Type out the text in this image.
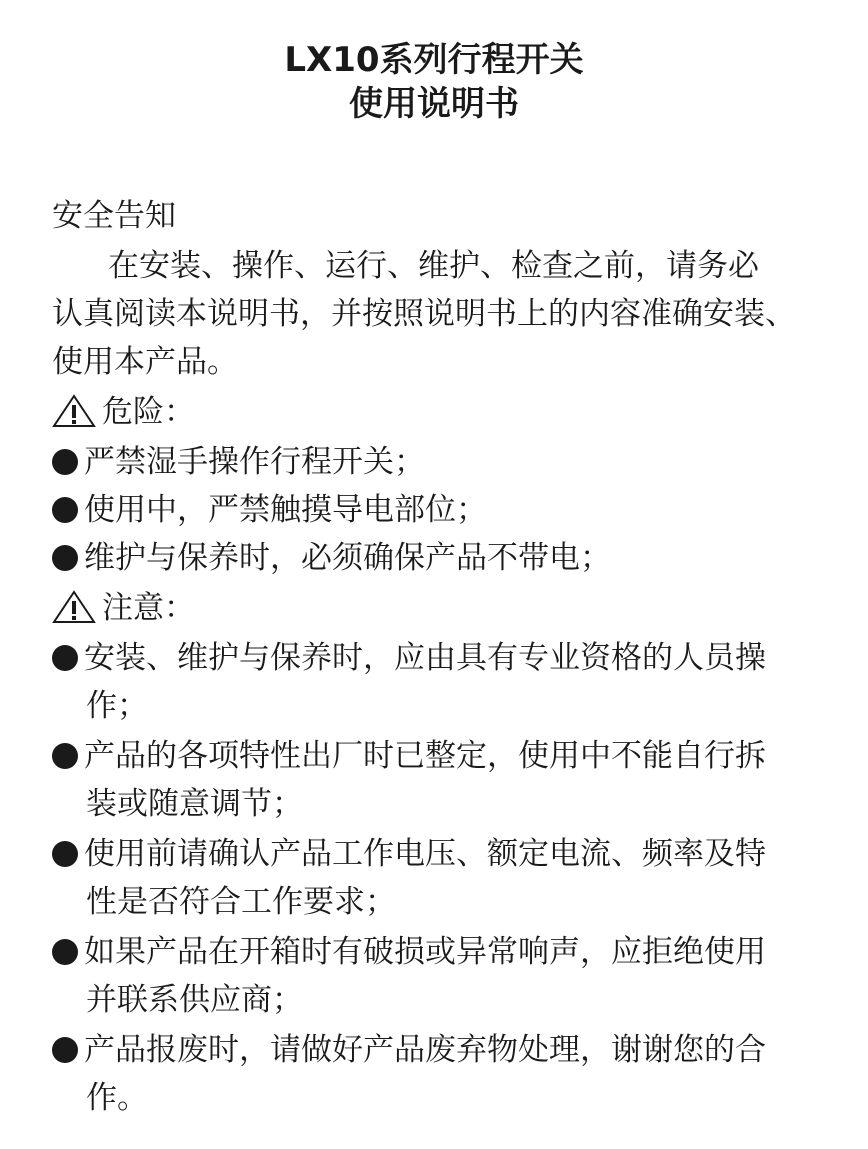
LX10系列行程开关
使用说明书
安全告知
在安装、操作、运行、维护、检查之前，请务必
认真阅读本说明书，并按照说明书上的内容准确安装、
使用本产品。
危险：
严禁湿手操作行程开关；
使用中，严禁触摸导电部位；
维护与保养时，必须确保产品不带电；
注意：
安装、维护与保养时，应由具有专业资格的人员操
作；
产品的各项特性出厂时已整定，使用中不能自行拆
装或随意调节；
使用前请确认产品工作电压、额定电流、频率及特
性是否符合工作要求；
如果产品在开箱时有破损或异常响声，应拒绝使用
并联系供应商；
产品报废时，请做好产品废弃物处理，谢谢您的合
作。
